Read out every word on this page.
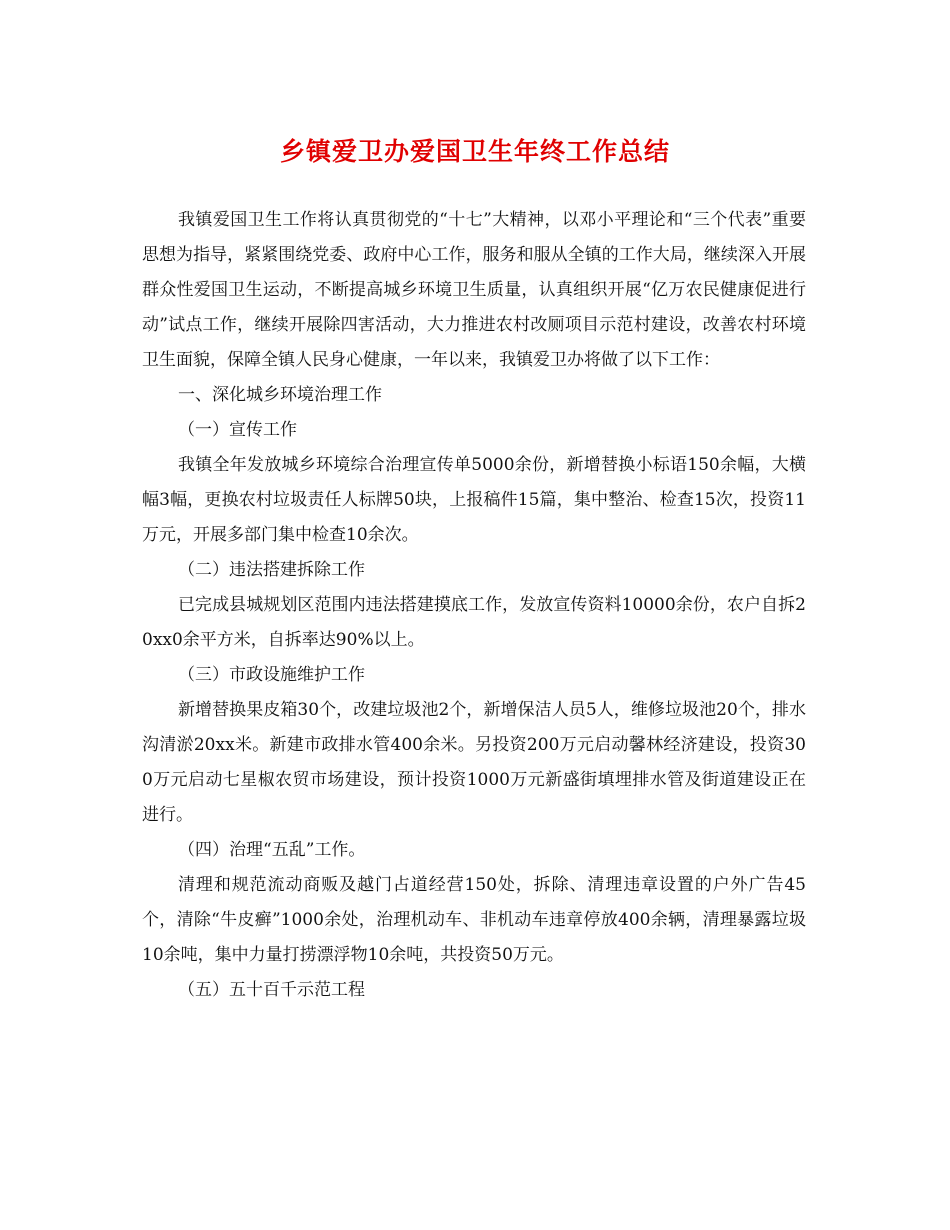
乡镇爱卫办爱国卫生年终工作总结

我镇爱国卫生工作将认真贯彻党的“十七”大精神，以邓小平理论和“三个代表”重要思想为指导，紧紧围绕党委、政府中心工作，服务和服从全镇的工作大局，继续深入开展群众性爱国卫生运动，不断提高城乡环境卫生质量，认真组织开展“亿万农民健康促进行动”试点工作，继续开展除四害活动，大力推进农村改厕项目示范村建设，改善农村环境卫生面貌，保障全镇人民身心健康，一年以来，我镇爱卫办将做了以下工作：

一、深化城乡环境治理工作

（一）宣传工作

我镇全年发放城乡环境综合治理宣传单5000余份，新增替换小标语150余幅，大横幅3幅，更换农村垃圾责任人标牌50块，上报稿件15篇，集中整治、检查15次，投资11万元，开展多部门集中检查10余次。

（二）违法搭建拆除工作

已完成县城规划区范围内违法搭建摸底工作，发放宣传资料10000余份，农户自拆20xx0余平方米，自拆率达90%以上。

（三）市政设施维护工作

新增替换果皮箱30个，改建垃圾池2个，新增保洁人员5人，维修垃圾池20个，排水沟清淤20xx米。新建市政排水管400余米。另投资200万元启动馨林经济建设，投资300万元启动七星椒农贸市场建设，预计投资1000万元新盛街填埋排水管及街道建设正在进行。

（四）治理“五乱”工作。

清理和规范流动商贩及越门占道经营150处，拆除、清理违章设置的户外广告45个，清除“牛皮癣”1000余处，治理机动车、非机动车违章停放400余辆，清理暴露垃圾10余吨，集中力量打捞漂浮物10余吨，共投资50万元。

（五）五十百千示范工程
